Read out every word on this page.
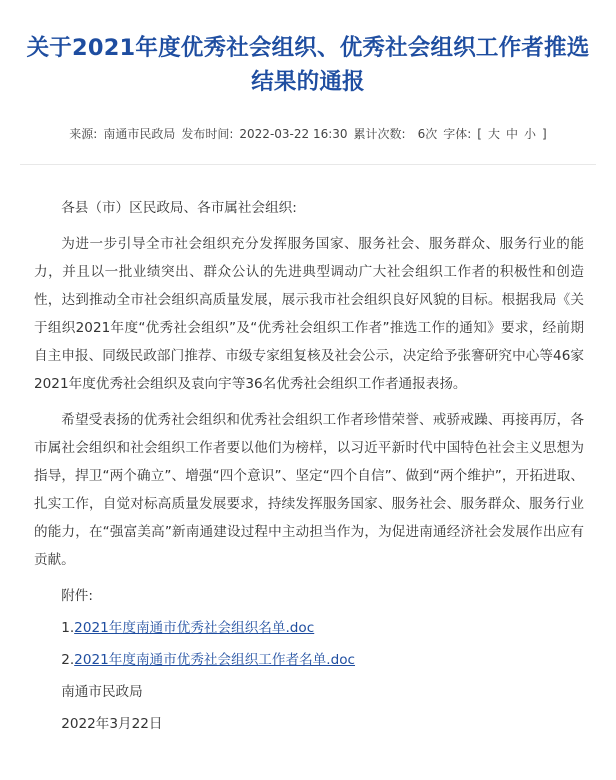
关于2021年度优秀社会组织、优秀社会组织工作者推选结果的通报
来源: 南通市民政局 发布时间: 2022-03-22 16:30 累计次数: 6次 字体: [ 大 中 小 ]

各县（市）区民政局、各市属社会组织:

为进一步引导全市社会组织充分发挥服务国家、服务社会、服务群众、服务行业的能力，并且以一批业绩突出、群众公认的先进典型调动广大社会组织工作者的积极性和创造性，达到推动全市社会组织高质量发展，展示我市社会组织良好风貌的目标。根据我局《关于组织2021年度“优秀社会组织”及“优秀社会组织工作者”推选工作的通知》要求，经前期自主申报、同级民政部门推荐、市级专家组复核及社会公示，决定给予张謇研究中心等46家2021年度优秀社会组织及袁向宇等36名优秀社会组织工作者通报表扬。

希望受表扬的优秀社会组织和优秀社会组织工作者珍惜荣誉、戒骄戒躁、再接再厉，各市属社会组织和社会组织工作者要以他们为榜样，以习近平新时代中国特色社会主义思想为指导，捍卫“两个确立”、增强“四个意识”、坚定“四个自信”、做到“两个维护”，开拓进取、扎实工作，自觉对标高质量发展要求，持续发挥服务国家、服务社会、服务群众、服务行业的能力，在“强富美高”新南通建设过程中主动担当作为，为促进南通经济社会发展作出应有贡献。

附件:

1.2021年度南通市优秀社会组织名单.doc

2.2021年度南通市优秀社会组织工作者名单.doc

南通市民政局

2022年3月22日
